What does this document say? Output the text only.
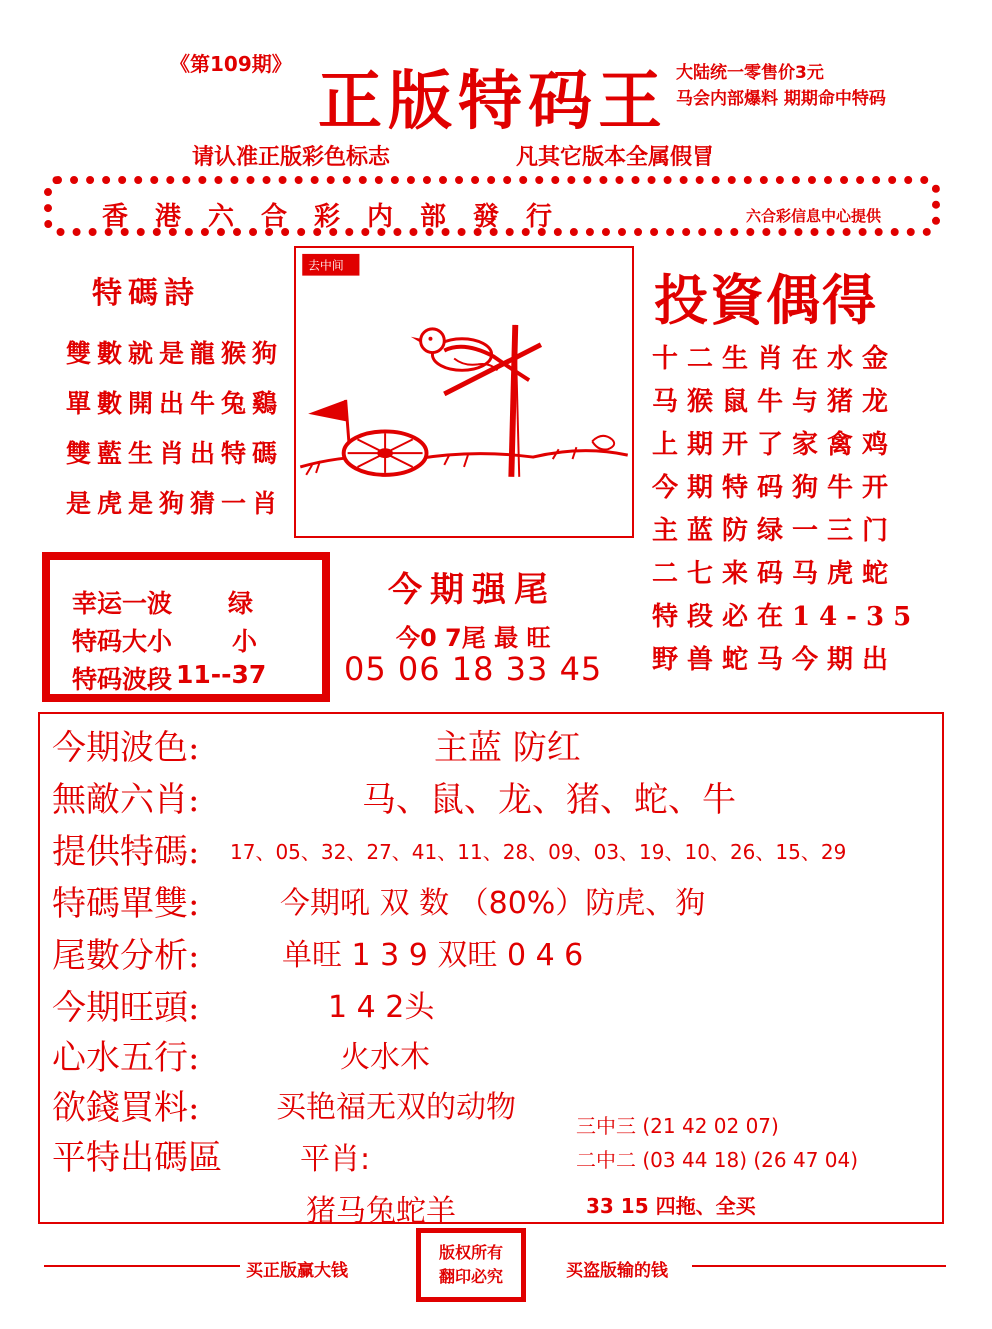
《第109期》 正版特码王 大陆统一零售价3元
马会内部爆料 期期命中特码
请认准正版彩色标志	凡其它版本全属假冒
香港六合彩内部發行	六合彩信息中心提供
特碼詩
雙數就是龍猴狗
單數開出牛兔鷄
雙藍生肖出特碼
是虎是狗猜一肖
去中间
投資偶得
十二生肖在水金
马猴鼠牛与猪龙
上期开了家禽鸡
今期特码狗牛开
主蓝防绿一三门
二七来码马虎蛇
特段必在14-35
野兽蛇马今期出
幸运一波 绿
特码大小 小
特码波段 11--37
今期强尾
今0 7尾 最 旺
05 06 18 33 45
今期波色:	主蓝 防红
無敵六肖:	马、鼠、龙、猪、蛇、牛
提供特碼: 17、05、32、27、41、11、28、09、03、19、10、26、15、29
特碼單雙:	今期吼 双 数 （80%）防虎、狗
尾數分析:	单旺 1 3 9 双旺 0 4 6
今期旺頭:	1 4 2头
心水五行:	火水木
欲錢買料:	买艳福无双的动物
平特出碼區	平肖:
猪马兔蛇羊
三中三 (21 42 02 07)
二中二 (03 44 18) (26 47 04)
33 15 四拖、全买
买正版赢大钱	买盗版输的钱
版权所有
翻印必究
